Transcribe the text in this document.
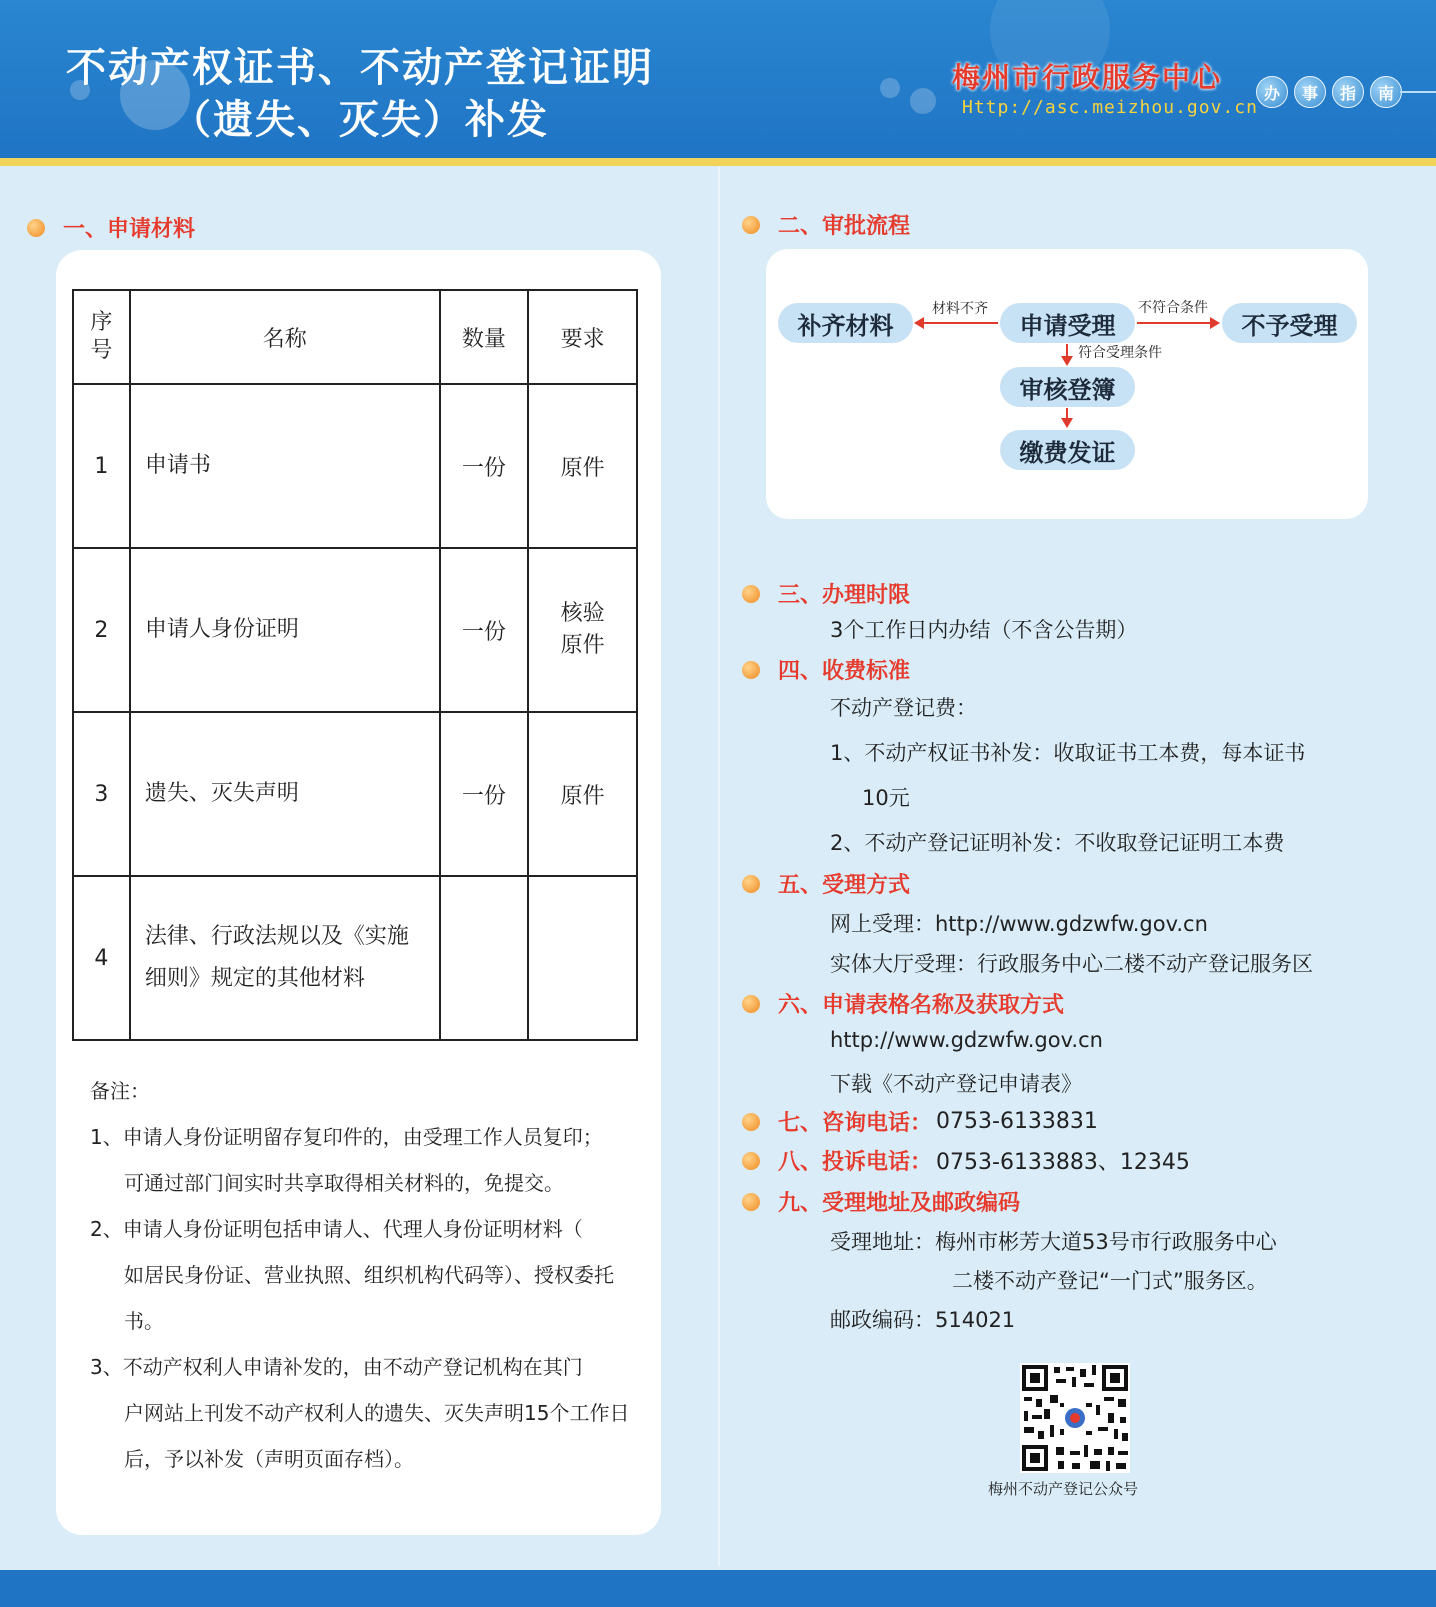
不动产权证书、不动产登记证明
（遗失、灭失）补发
梅州市行政服务中心
Http://asc.meizhou.gov.cn
办	事	指	南
一、申请材料
序号	名称	数量	要求
1	申请书	一份	原件
2	申请人身份证明	一份	核验原件

3	遗失、灭失声明	一份	原件
4	法律、行政法规以及《实施细则》规定的其他材料		
备注：
1、申请人身份证明留存复印件的，由受理工作人员复印；
可通过部门间实时共享取得相关材料的，免提交。
2、申请人身份证明包括申请人、代理人身份证明材料（
如居民身份证、营业执照、组织机构代码等）、授权委托书。
3、不动产权利人申请补发的，由不动产登记机构在其门
户网站上刊发不动产权利人的遗失、灭失声明15个工作日后，予以补发（声明页面存档）。
二、审批流程
补齐材料	申请受理	不予受理
审核登簿
缴费发证
材料不齐	不符合条件
符合受理条件
三、办理时限
3个工作日内办结（不含公告期）
四、收费标准
不动产登记费：
1、不动产权证书补发：收取证书工本费，每本证书
10元
2、不动产登记证明补发：不收取登记证明工本费
五、受理方式
网上受理：http://www.gdzwfw.gov.cn
实体大厅受理：行政服务中心二楼不动产登记服务区
六、申请表格名称及获取方式
http://www.gdzwfw.gov.cn
下载《不动产登记申请表》
七、咨询电话： 0753-6133831
八、投诉电话： 0753-6133883、12345
九、受理地址及邮政编码
受理地址：梅州市彬芳大道53号市行政服务中心
二楼不动产登记“一门式”服务区。
邮政编码：514021
梅州不动产登记公众号
